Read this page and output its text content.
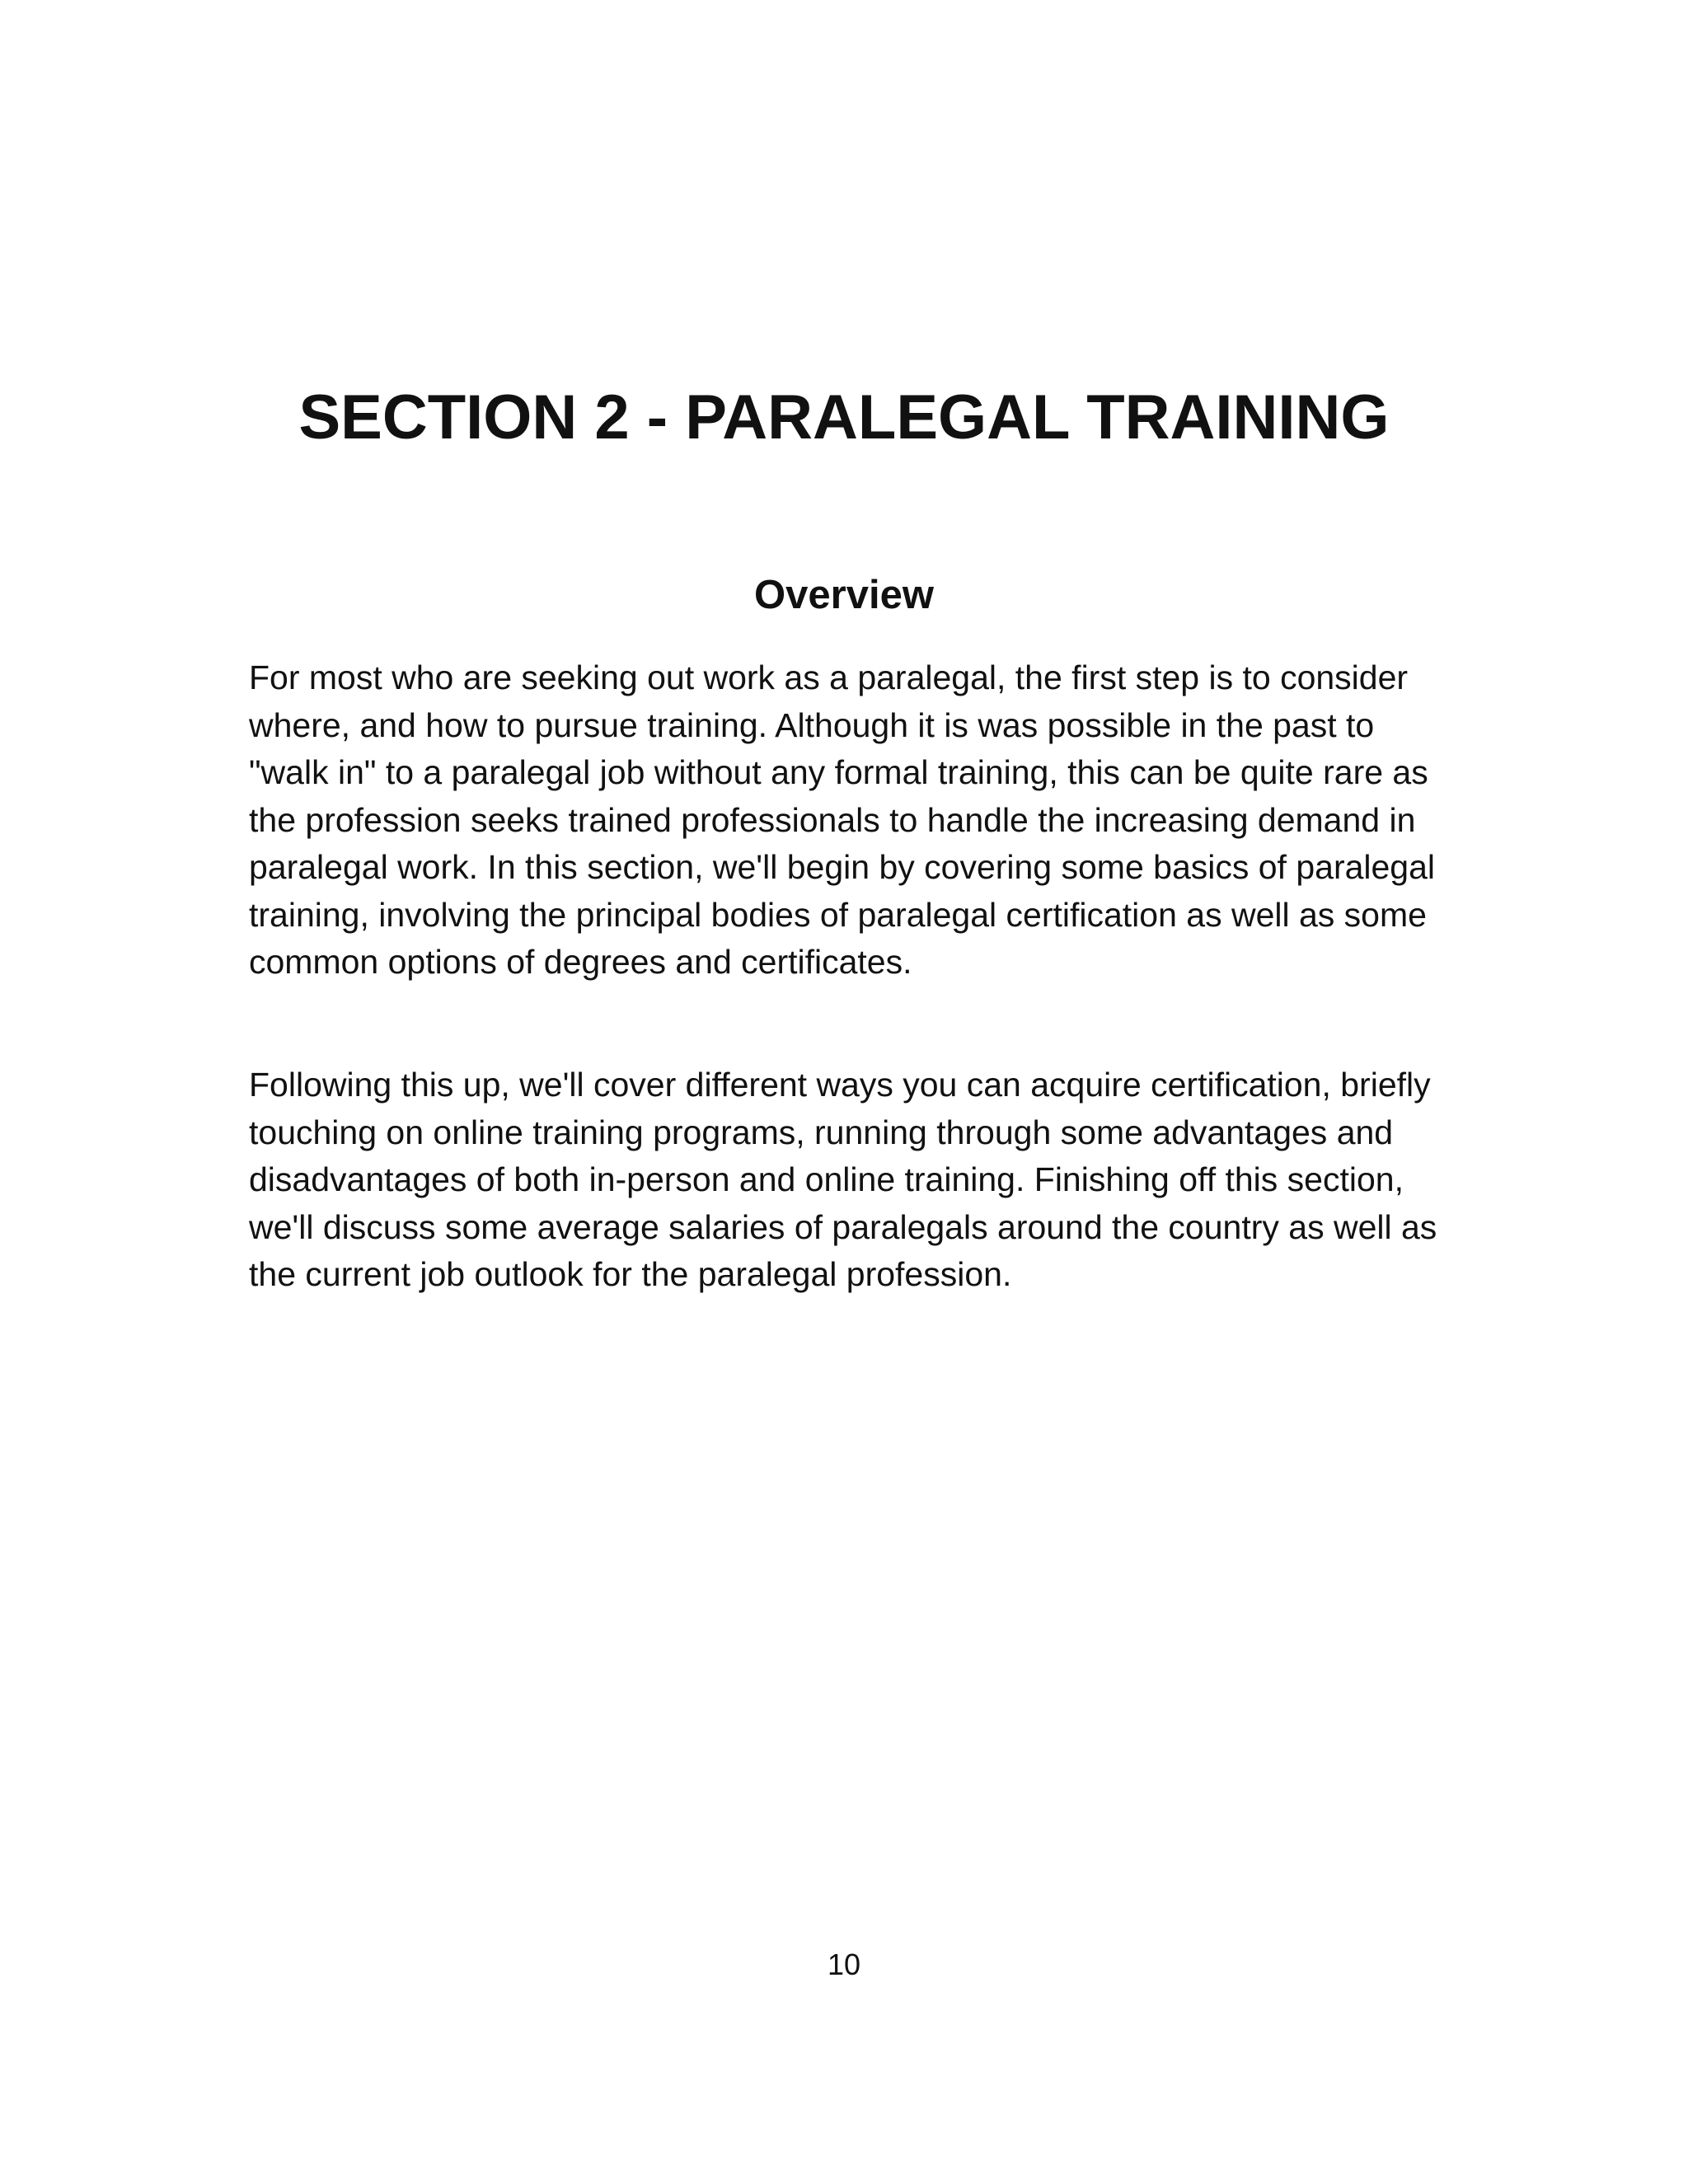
SECTION 2 - PARALEGAL TRAINING
Overview

For most who are seeking out work as a paralegal, the first step is to consider where, and how to pursue training. Although it is was possible in the past to "walk in" to a paralegal job without any formal training, this can be quite rare as the profession seeks trained professionals to handle the increasing demand in paralegal work. In this section, we'll begin by covering some basics of paralegal training, involving the principal bodies of paralegal certification as well as some common options of degrees and certificates.

Following this up, we'll cover different ways you can acquire certification, briefly touching on online training programs, running through some advantages and disadvantages of both in-person and online training. Finishing off this section, we'll discuss some average salaries of paralegals around the country as well as the current job outlook for the paralegal profession.

10
